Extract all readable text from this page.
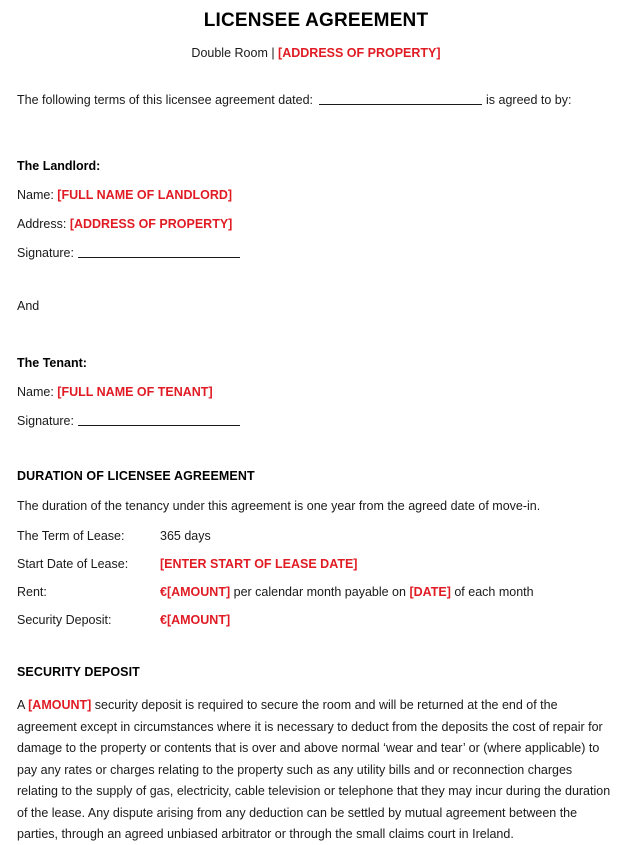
LICENSEE AGREEMENT

Double Room | [ADDRESS OF PROPERTY]

The following terms of this licensee agreement dated:	is agreed to by:

The Landlord:

Name: [FULL NAME OF LANDLORD]

Address: [ADDRESS OF PROPERTY]

Signature:

And

The Tenant:

Name: [FULL NAME OF TENANT]

Signature:

DURATION OF LICENSEE AGREEMENT

The duration of the tenancy under this agreement is one year from the agreed date of move-in.

The Term of Lease:	365 days
Start Date of Lease:	[ENTER START OF LEASE DATE]
Rent:	€[AMOUNT] per calendar month payable on [DATE] of each month
Security Deposit:	€[AMOUNT]

SECURITY DEPOSIT

A [AMOUNT] security deposit is required to secure the room and will be returned at the end of the agreement except in circumstances where it is necessary to deduct from the deposits the cost of repair for damage to the property or contents that is over and above normal ‘wear and tear’ or (where applicable) to pay any rates or charges relating to the property such as any utility bills and or reconnection charges relating to the supply of gas, electricity, cable television or telephone that they may incur during the duration of the lease. Any dispute arising from any deduction can be settled by mutual agreement between the parties, through an agreed unbiased arbitrator or through the small claims court in Ireland.
